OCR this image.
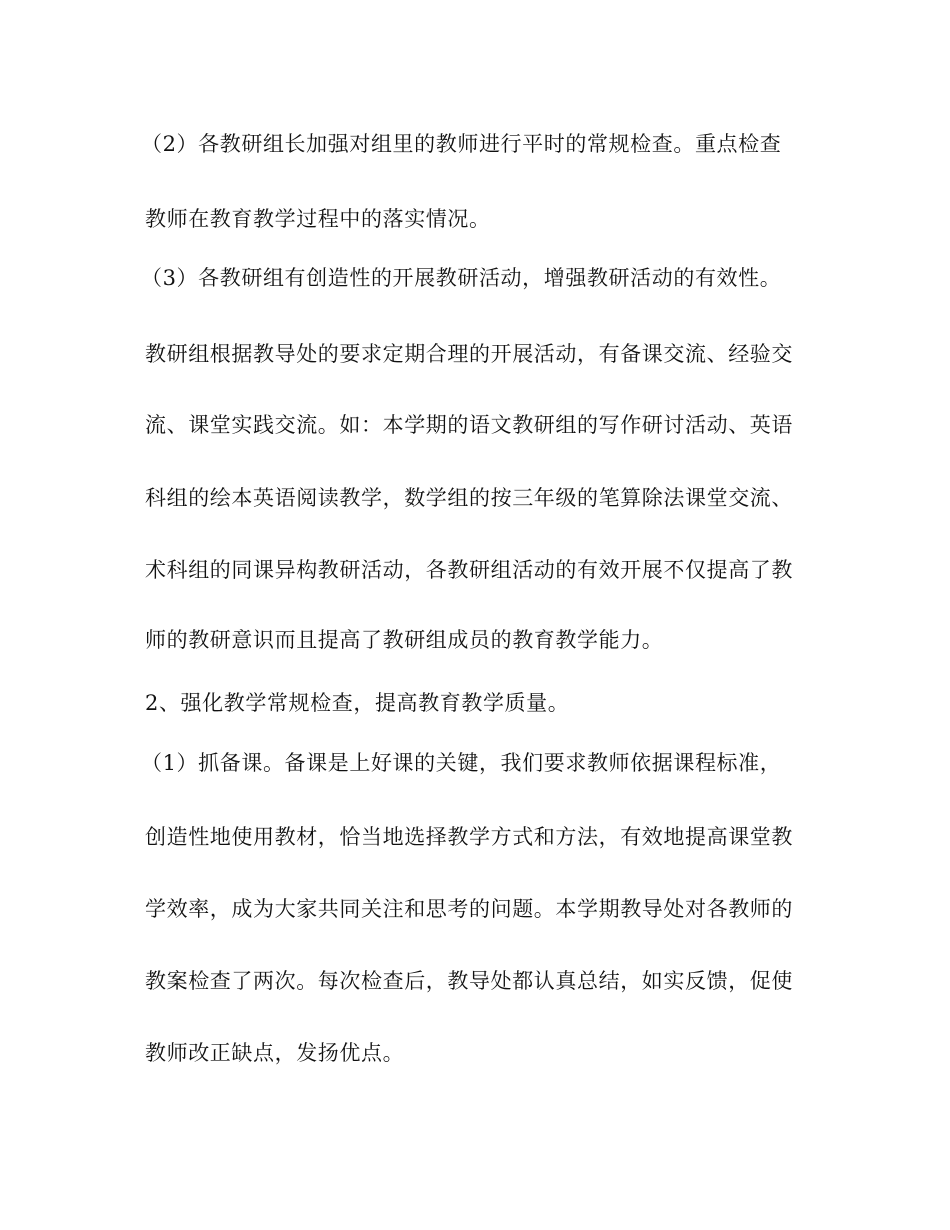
（2）各教研组长加强对组里的教师进行平时的常规检查。重点检查
教师在教育教学过程中的落实情况。
（3）各教研组有创造性的开展教研活动，增强教研活动的有效性。
教研组根据教导处的要求定期合理的开展活动，有备课交流、经验交
流、课堂实践交流。如：本学期的语文教研组的写作研讨活动、英语
科组的绘本英语阅读教学，数学组的按三年级的笔算除法课堂交流、
术科组的同课异构教研活动，各教研组活动的有效开展不仅提高了教
师的教研意识而且提高了教研组成员的教育教学能力。
2、强化教学常规检查，提高教育教学质量。
（1）抓备课。备课是上好课的关键，我们要求教师依据课程标准，
创造性地使用教材，恰当地选择教学方式和方法，有效地提高课堂教
学效率，成为大家共同关注和思考的问题。本学期教导处对各教师的
教案检查了两次。每次检查后，教导处都认真总结，如实反馈，促使
教师改正缺点，发扬优点。
